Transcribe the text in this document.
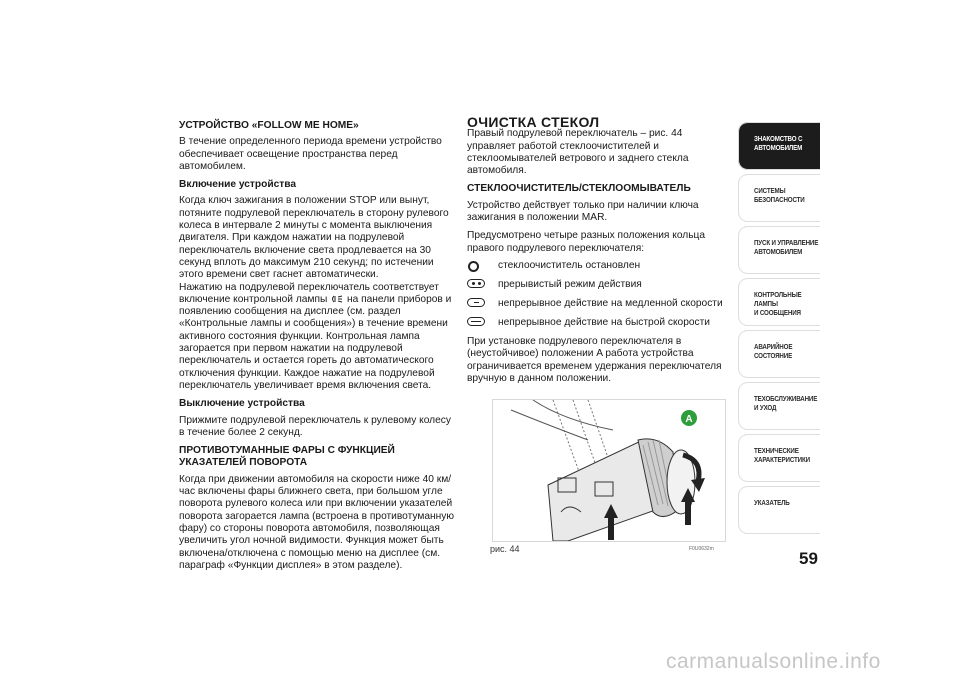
УСТРОЙСТВО «FOLLOW ME HOME»

В течение определенного периода времени устройство обеспечивает освещение пространства перед автомобилем.

Включение устройства

Когда ключ зажигания в положении STOP или вынут, потяните подрулевой переключатель в сторону рулевого колеса в интервале 2 минуты с момента выключения двигателя. При каждом нажатии на подрулевой переключатель включение света продлевается на 30 секунд вплоть до максимум 210 секунд; по истечении этого времени свет гаснет автоматически.

Нажатию на подрулевой переключатель соответствует включение контрольной лампы на панели приборов и появлению сообщения на дисплее (см. раздел «Контрольные лампы и сообщения») в течение времени активного состояния функции. Контрольная лампа загорается при первом нажатии на подрулевой переключатель и остается гореть до автоматического отключения функции. Каждое нажатие на подрулевой переключатель увеличивает время включения света.

Выключение устройства

Прижмите подрулевой переключатель к рулевому колесу в течение более 2 секунд.

ПРОТИВОТУМАННЫЕ ФАРЫ С ФУНКЦИЕЙ УКАЗАТЕЛЕЙ ПОВОРОТА

Когда при движении автомобиля на скорости ниже 40 км/час включены фары ближнего света, при большом угле поворота рулевого колеса или при включении указателей поворота загорается лампа (встроена в противотуманную фару) со стороны поворота автомобиля, позволяющая увеличить угол ночной видимости. Функция может быть включена/отключена с помощью меню на дисплее (см. параграф «Функции дисплея» в этом разделе).

ОЧИСТКА СТЕКОЛ

Правый подрулевой переключатель – рис. 44 управляет работой стеклоочистителей и стеклоомывателей ветрового и заднего стекла автомобиля.

СТЕКЛООЧИСТИТЕЛЬ/СТЕКЛООМЫВАТЕЛЬ

Устройство действует только при наличии ключа зажигания в положении MAR.

Предусмотрено четыре разных положения кольца правого подрулевого переключателя:

стеклоочиститель остановлен
прерывистый режим действия
непрерывное действие на медленной скорости
непрерывное действие на быстрой скорости

При установке подрулевого переключателя в (неустойчивое) положении A работа устройства ограничивается временем удержания переключателя вручную в данном положении.

A
рис. 44	F0U0632m
ЗНАКОМСТВО С
АВТОМОБИЛЕМ
СИСТЕМЫ
БЕЗОПАСНОСТИ
ПУСК И УПРАВЛЕНИЕ
АВТОМОБИЛЕМ
КОНТРОЛЬНЫЕ
ЛАМПЫ
И СООБЩЕНИЯ
АВАРИЙНОЕ
СОСТОЯНИЕ
ТЕХОБСЛУЖИВАНИЕ
И УХОД
ТЕХНИЧЕСКИЕ
ХАРАКТЕРИСТИКИ
УКАЗАТЕЛЬ
59
carmanualsonline.info
